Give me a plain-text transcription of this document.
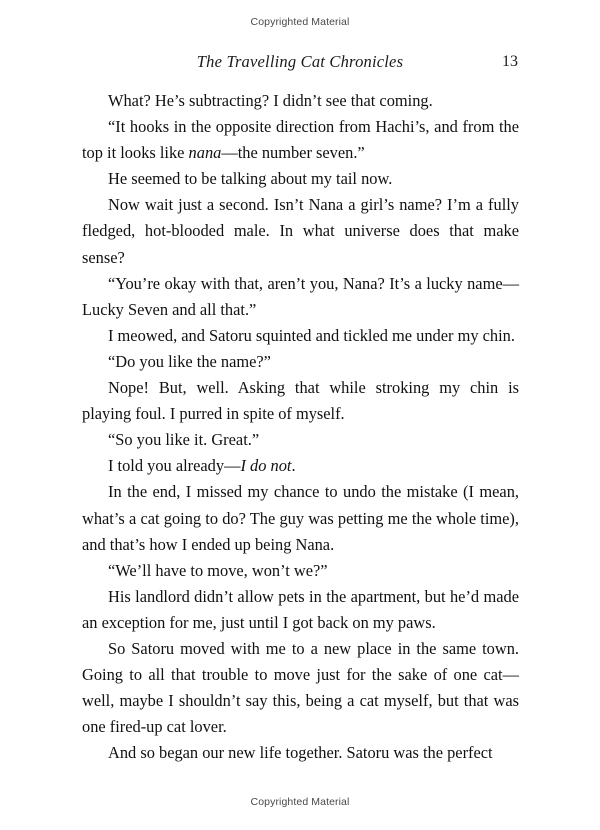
Copyrighted Material
The Travelling Cat Chronicles	13

What? He’s subtracting? I didn’t see that coming.

“It hooks in the opposite direction from Hachi’s, and from the top it looks like nana—the number seven.”

He seemed to be talking about my tail now.

Now wait just a second. Isn’t Nana a girl’s name? I’m a fully fledged, hot-blooded male. In what universe does that make sense?

“You’re okay with that, aren’t you, Nana? It’s a lucky name—Lucky Seven and all that.”

I meowed, and Satoru squinted and tickled me under my chin.

“Do you like the name?”

Nope! But, well. Asking that while stroking my chin is playing foul. I purred in spite of myself.

“So you like it. Great.”

I told you already—I do not.

In the end, I missed my chance to undo the mistake (I mean, what’s a cat going to do? The guy was petting me the whole time), and that’s how I ended up being Nana.

“We’ll have to move, won’t we?”

His landlord didn’t allow pets in the apartment, but he’d made an exception for me, just until I got back on my paws.

So Satoru moved with me to a new place in the same town. Going to all that trouble to move just for the sake of one cat—well, maybe I shouldn’t say this, being a cat myself, but that was one fired-up cat lover.

And so began our new life together. Satoru was the perfect

Copyrighted Material
